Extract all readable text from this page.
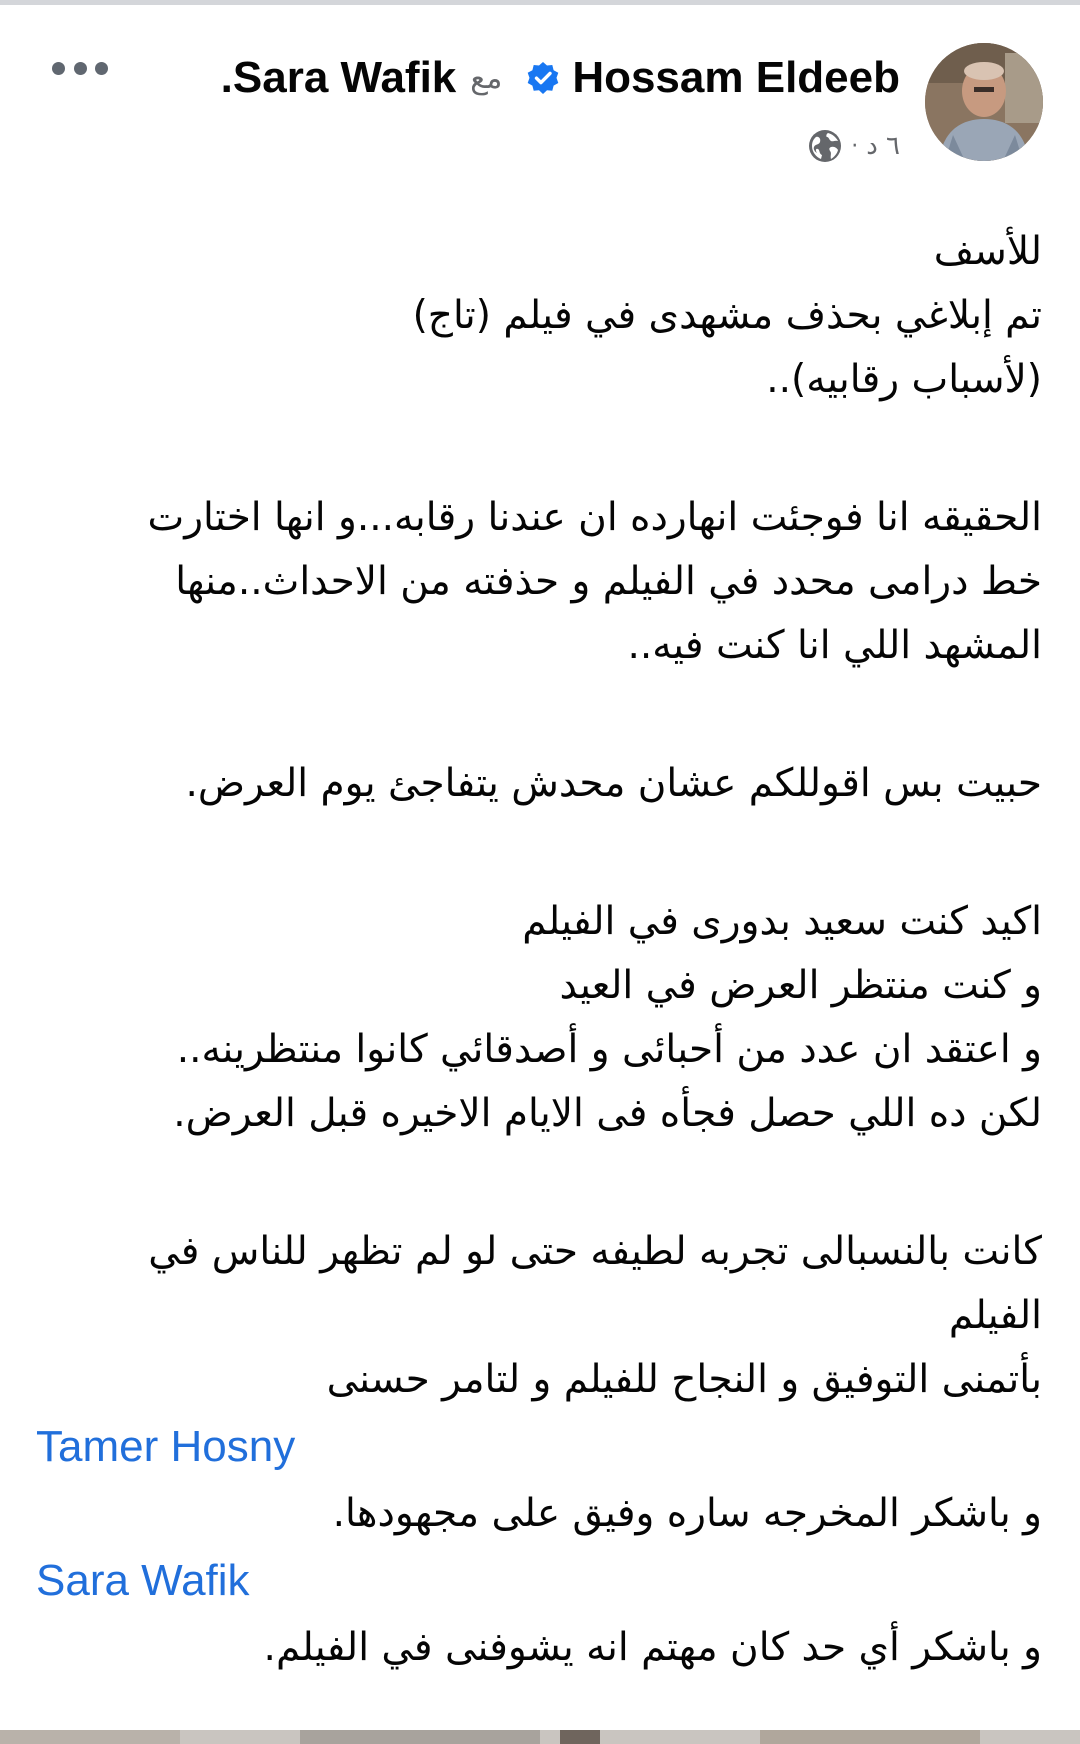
Hossam Eldeeb
مع
Sara Wafik
.
٦ د
·
للأسف
تم إبلاغي بحذف مشهدى في فيلم (تاج)
(لأسباب رقابيه)..
الحقيقه انا فوجئت انهارده ان عندنا رقابه...و انها اختارت
خط درامى محدد في الفيلم و حذفته من الاحداث..منها
المشهد اللي انا كنت فيه..
حبيت بس اقوللكم عشان محدش يتفاجئ يوم العرض.
اكيد كنت سعيد بدورى في الفيلم
و كنت منتظر العرض في العيد
و اعتقد ان عدد من أحبائى و أصدقائي كانوا منتظرينه..
لكن ده اللي حصل فجأه فى الايام الاخيره قبل العرض.
كانت بالنسبالى تجربه لطيفه حتى لو لم تظهر للناس في
الفيلم
بأتمنى التوفيق و النجاح للفيلم و لتامر حسنى
Tamer Hosny
و باشكر المخرجه ساره وفيق على مجهودها.
Sara Wafik
و باشكر أي حد كان مهتم انه يشوفنى في الفيلم.
